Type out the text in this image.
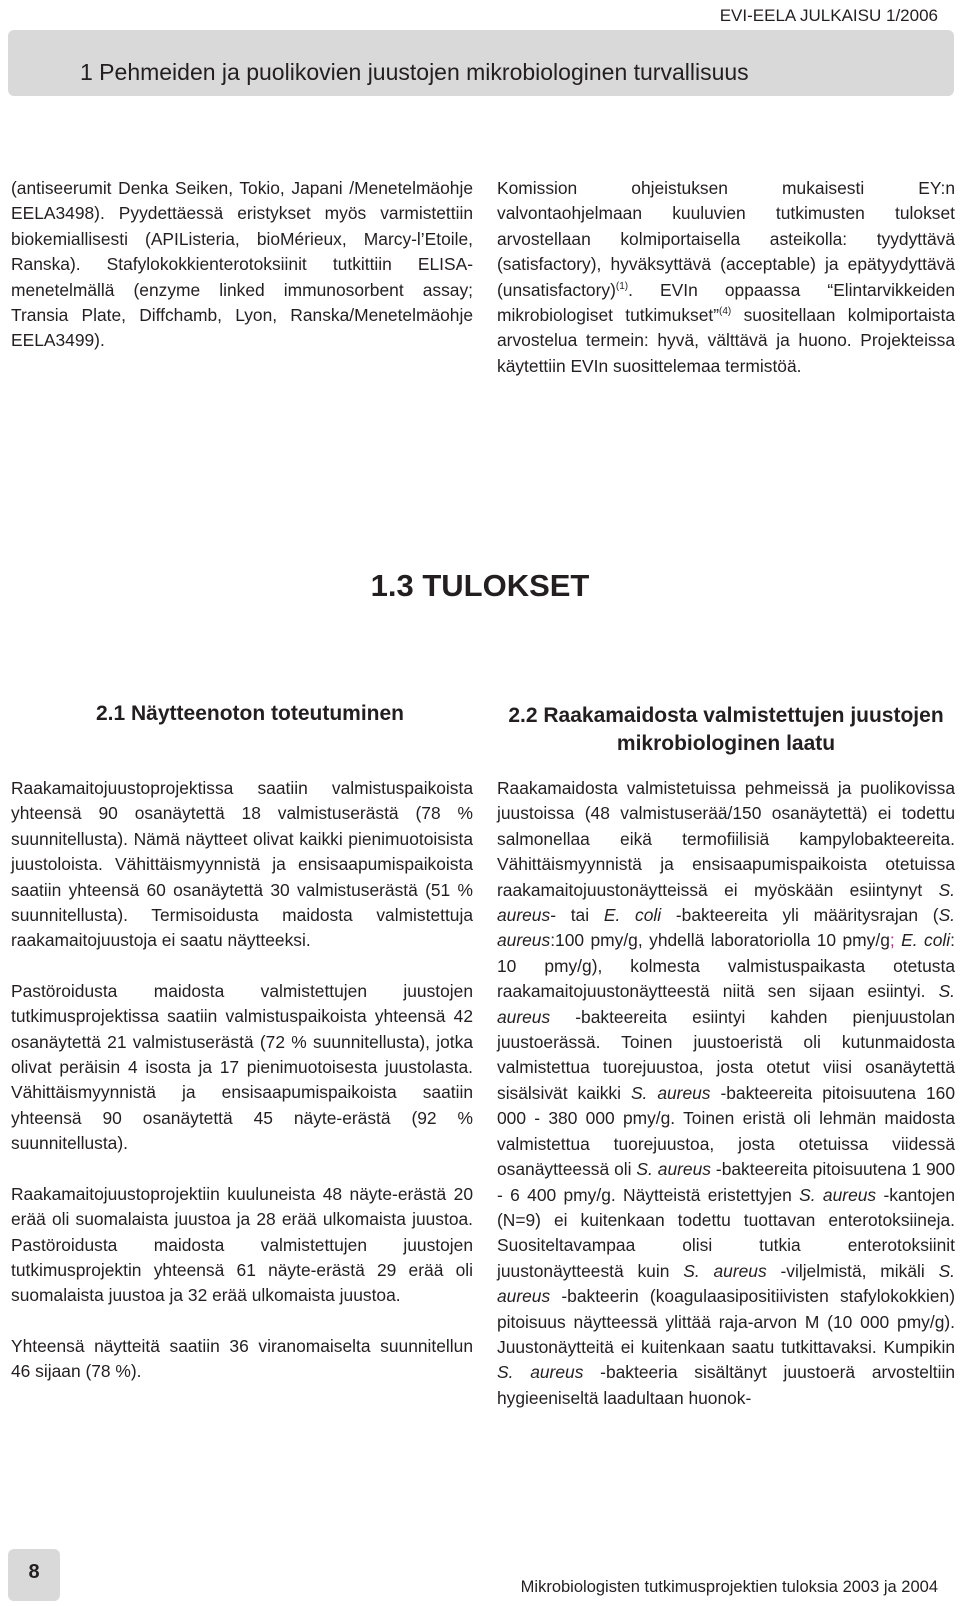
EVI-EELA JULKAISU 1/2006
1 Pehmeiden ja puolikovien juustojen mikrobiologinen turvallisuus

(antiseerumit Denka Seiken, Tokio, Japani /Menetelmäohje EELA3498). Pyydettäessä eristykset myös varmistettiin biokemiallisesti (APIListeria, bioMérieux, Marcy-l’Etoile, Ranska). Stafylokokkienterotoksiinit tutkittiin ELISA-menetelmällä (enzyme linked immunosorbent assay; Transia Plate, Diffchamb, Lyon, Ranska/Menetelmäohje EELA3499).

Komission ohjeistuksen mukaisesti EY:n valvontaohjelmaan kuuluvien tutkimusten tulokset arvostellaan kolmiportaisella asteikolla: tyydyttävä (satisfactory), hyväksyttävä (acceptable) ja epätyydyttävä (unsatisfactory)$^{(1)}$. EVIn oppaassa “Elintarvikkeiden mikrobiologiset tutkimukset”$^{(4)}$ suositellaan kolmiportaista arvostelua termein: hyvä, välttävä ja huono. Projekteissa käytettiin EVIn suosittelemaa termistöä.

1.3 TULOKSET
2.1 Näytteenoton toteutuminen	2.2 Raakamaidosta valmistettujen juustojen mikrobiologinen laatu

Raakamaitojuustoprojektissa saatiin valmistuspaikoista yhteensä 90 osanäytettä 18 valmistuserästä (78 % suunnitellusta). Nämä näytteet olivat kaikki pienimuotoisista juustoloista. Vähittäismyynnistä ja ensisaapumispaikoista saatiin yhteensä 60 osanäytettä 30 valmistuserästä (51 % suunnitellusta). Termisoidusta maidosta valmistettuja raakamaitojuustoja ei saatu näytteeksi.

Pastöroidusta maidosta valmistettujen juustojen tutkimusprojektissa saatiin valmistuspaikoista yhteensä 42 osanäytettä 21 valmistuserästä (72 % suunnitellusta), jotka olivat peräisin 4 isosta ja 17 pienimuotoisesta juustolasta. Vähittäismyynnistä ja ensisaapumispaikoista saatiin yhteensä 90 osanäytettä 45 näyte-erästä (92 % suunnitellusta).

Raakamaitojuustoprojektiin kuuluneista 48 näyte-erästä 20 erää oli suomalaista juustoa ja 28 erää ulkomaista juustoa. Pastöroidusta maidosta valmistettujen juustojen tutkimusprojektin yhteensä 61 näyte-erästä 29 erää oli suomalaista juustoa ja 32 erää ulkomaista juustoa.

Yhteensä näytteitä saatiin 36 viranomaiselta suunnitellun 46 sijaan (78 %).

Raakamaidosta valmistetuissa pehmeissä ja puolikovissa juustoissa (48 valmistuserää/150 osanäytettä) ei todettu salmonellaa eikä termofiilisiä kampylobakteereita. Vähittäismyynnistä ja ensisaapumispaikoista otetuissa raakamaitojuustonäytteissä ei myöskään esiintynyt S. aureus- tai E. coli -bakteereita yli määritysrajan (S. aureus:100 pmy/g, yhdellä laboratoriolla 10 pmy/g; E. coli: 10 pmy/g), kolmesta valmistuspaikasta otetusta raakamaitojuustonäytteestä niitä sen sijaan esiintyi. S. aureus -bakteereita esiintyi kahden pienjuustolan juustoerässä. Toinen juustoeristä oli kutunmaidosta valmistettua tuorejuustoa, josta otetut viisi osanäytettä sisälsivät kaikki S. aureus -bakteereita pitoisuutena 160 000 - 380 000 pmy/g. Toinen eristä oli lehmän maidosta valmistettua tuorejuustoa, josta otetuissa viidessä osanäytteessä oli S. aureus -bakteereita pitoisuutena 1 900 - 6 400 pmy/g. Näytteistä eristettyjen S. aureus -kantojen (N=9) ei kuitenkaan todettu tuottavan enterotoksiineja. Suositeltavampaa olisi tutkia enterotoksiinit juustonäytteestä kuin S. aureus -viljelmistä, mikäli S. aureus -bakteerin (koagulaasipositiivisten stafylokokkien) pitoisuus näytteessä ylittää raja-arvon M (10 000 pmy/g). Juustonäytteitä ei kuitenkaan saatu tutkittavaksi. Kumpikin S. aureus -bakteeria sisältänyt juustoerä arvosteltiin hygieeniseltä laadultaan huonok-

8
Mikrobiologisten tutkimusprojektien tuloksia 2003 ja 2004
